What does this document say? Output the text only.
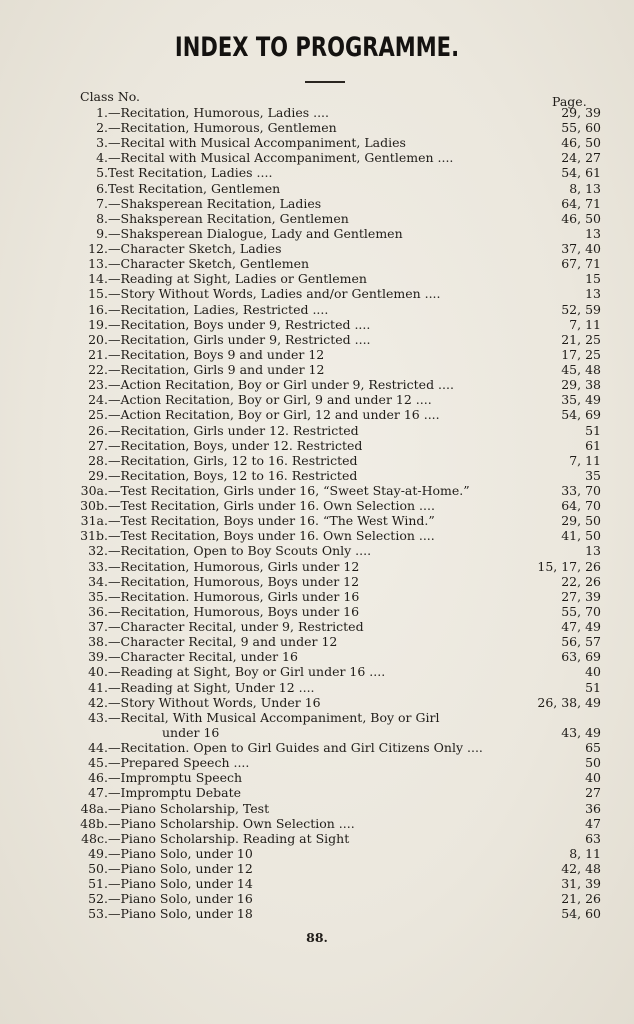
INDEX TO PROGRAMME.
Class No.	Page.
1. —Recitation, Humorous, Ladies ....	29, 39
2. —Recitation, Humorous, Gentlemen	55, 60
3. —Recital with Musical Accompaniment, Ladies	46, 50
4. —Recital with Musical Accompaniment, Gentlemen ....	24, 27
5. Test Recitation, Ladies ....	54, 61
6. Test Recitation, Gentlemen	8, 13
7. —Shaksperean Recitation, Ladies	64, 71
8. —Shaksperean Recitation, Gentlemen	46, 50
9. —Shaksperean Dialogue, Lady and Gentlemen	13
12. —Character Sketch, Ladies	37, 40
13. —Character Sketch, Gentlemen	67, 71
14. —Reading at Sight, Ladies or Gentlemen	15
15. —Story Without Words, Ladies and/or Gentlemen ....	13
16. —Recitation, Ladies, Restricted ....	52, 59
19. —Recitation, Boys under 9, Restricted ....	7, 11
20. —Recitation, Girls under 9, Restricted ....	21, 25
21. —Recitation, Boys 9 and under 12	17, 25
22. —Recitation, Girls 9 and under 12	45, 48
23. —Action Recitation, Boy or Girl under 9, Restricted ....	29, 38
24. —Action Recitation, Boy or Girl, 9 and under 12 ....	35, 49
25. —Action Recitation, Boy or Girl, 12 and under 16 ....	54, 69
26. —Recitation, Girls under 12. Restricted	51
27. —Recitation, Boys, under 12. Restricted	61
28. —Recitation, Girls, 12 to 16. Restricted	7, 11
29. —Recitation, Boys, 12 to 16. Restricted	35
30a. —Test Recitation, Girls under 16, “Sweet Stay-at-Home.”	33, 70
30b. —Test Recitation, Girls under 16. Own Selection ....	64, 70
31a. —Test Recitation, Boys under 16. “The West Wind.”	29, 50
31b. —Test Recitation, Boys under 16. Own Selection ....	41, 50
32. —Recitation, Open to Boy Scouts Only ....	13
33. —Recitation, Humorous, Girls under 12	15, 17, 26
34. —Recitation, Humorous, Boys under 12	22, 26
35. —Recitation. Humorous, Girls under 16	27, 39
36. —Recitation, Humorous, Boys under 16	55, 70
37. —Character Recital, under 9, Restricted	47, 49
38. —Character Recital, 9 and under 12	56, 57
39. —Character Recital, under 16	63, 69
40. —Reading at Sight, Boy or Girl under 16 ....	40
41. —Reading at Sight, Under 12 ....	51
42. —Story Without Words, Under 16	26, 38, 49
43. —Recital, With Musical Accompaniment, Boy or Girl
under 16	43, 49
44. —Recitation. Open to Girl Guides and Girl Citizens Only ....	65
45. —Prepared Speech ....	50
46. —Impromptu Speech	40
47. —Impromptu Debate	27
48a. —Piano Scholarship, Test	36
48b. —Piano Scholarship. Own Selection ....	47
48c. —Piano Scholarship. Reading at Sight	63
49. —Piano Solo, under 10	8, 11
50. —Piano Solo, under 12	42, 48
51. —Piano Solo, under 14	31, 39
52. —Piano Solo, under 16	21, 26
53. —Piano Solo, under 18	54, 60
88.
